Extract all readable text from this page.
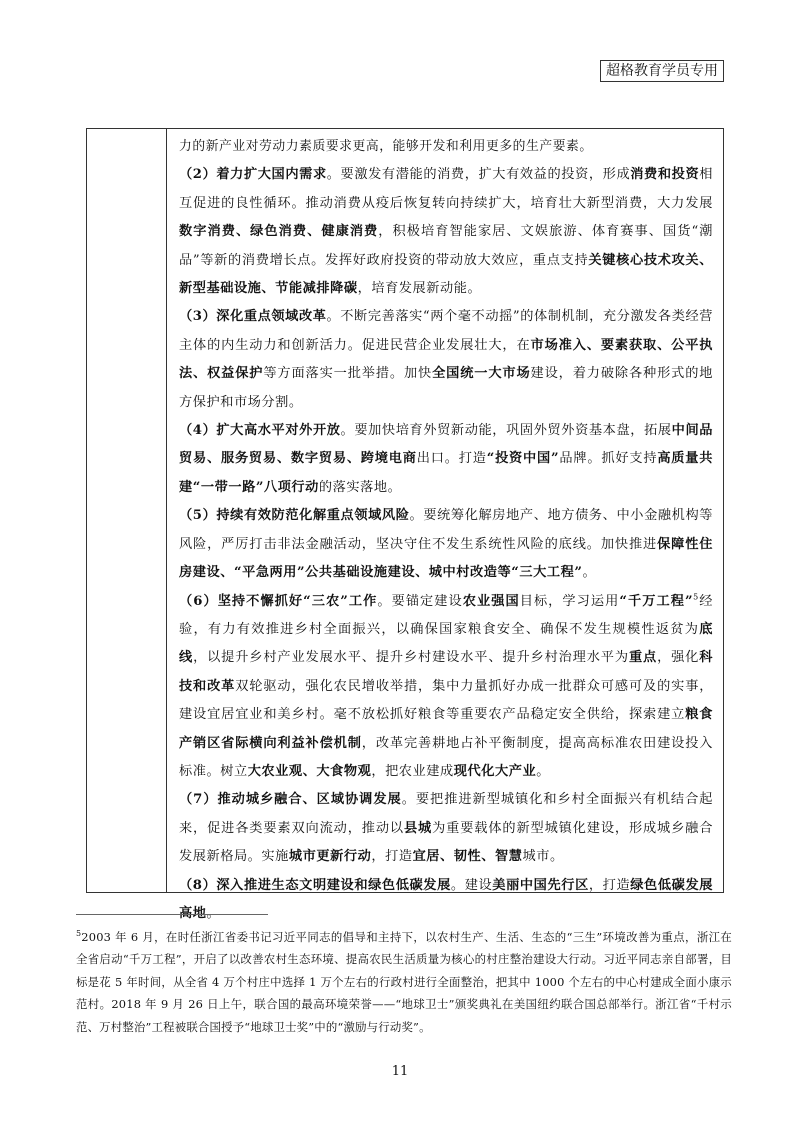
超格教育学员专用

力的新产业对劳动力素质要求更高，能够开发和利用更多的生产要素。

（2）着力扩大国内需求。要激发有潜能的消费，扩大有效益的投资，形成消费和投资相互促进的良性循环。推动消费从疫后恢复转向持续扩大，培育壮大新型消费，大力发展数字消费、绿色消费、健康消费，积极培育智能家居、文娱旅游、体育赛事、国货“潮品”等新的消费增长点。发挥好政府投资的带动放大效应，重点支持关键核心技术攻关、新型基础设施、节能减排降碳，培育发展新动能。

（3）深化重点领域改革。不断完善落实“两个毫不动摇”的体制机制，充分激发各类经营主体的内生动力和创新活力。促进民营企业发展壮大，在市场准入、要素获取、公平执法、权益保护等方面落实一批举措。加快全国统一大市场建设，着力破除各种形式的地方保护和市场分割。

（4）扩大高水平对外开放。要加快培育外贸新动能，巩固外贸外资基本盘，拓展中间品贸易、服务贸易、数字贸易、跨境电商出口。打造“投资中国”品牌。抓好支持高质量共建“一带一路”八项行动的落实落地。

（5）持续有效防范化解重点领域风险。要统筹化解房地产、地方债务、中小金融机构等风险，严厉打击非法金融活动，坚决守住不发生系统性风险的底线。加快推进保障性住房建设、“平急两用”公共基础设施建设、城中村改造等“三大工程”。

（6）坚持不懈抓好“三农”工作。要锚定建设农业强国目标，学习运用“千万工程”$^5$经验，有力有效推进乡村全面振兴，以确保国家粮食安全、确保不发生规模性返贫为底线，以提升乡村产业发展水平、提升乡村建设水平、提升乡村治理水平为重点，强化科技和改革双轮驱动，强化农民增收举措，集中力量抓好办成一批群众可感可及的实事，建设宜居宜业和美乡村。毫不放松抓好粮食等重要农产品稳定安全供给，探索建立粮食产销区省际横向利益补偿机制，改革完善耕地占补平衡制度，提高高标准农田建设投入标准。树立大农业观、大食物观，把农业建成现代化大产业。

（7）推动城乡融合、区域协调发展。要把推进新型城镇化和乡村全面振兴有机结合起来，促进各类要素双向流动，推动以县城为重要载体的新型城镇化建设，形成城乡融合发展新格局。实施城市更新行动，打造宜居、韧性、智慧城市。

（8）深入推进生态文明建设和绿色低碳发展。建设美丽中国先行区，打造绿色低碳发展高地。

$^5$2003 年 6 月，在时任浙江省委书记习近平同志的倡导和主持下，以农村生产、生活、生态的“三生”环境改善为重点，浙江在全省启动“千万工程”，开启了以改善农村生态环境、提高农民生活质量为核心的村庄整治建设大行动。习近平同志亲自部署，目标是花 5 年时间，从全省 4 万个村庄中选择 1 万个左右的行政村进行全面整治，把其中 1000 个左右的中心村建成全面小康示范村。2018 年 9 月 26 日上午，联合国的最高环境荣誉——“地球卫士”颁奖典礼在美国纽约联合国总部举行。浙江省“千村示范、万村整治”工程被联合国授予“地球卫士奖”中的“激励与行动奖”。
11
